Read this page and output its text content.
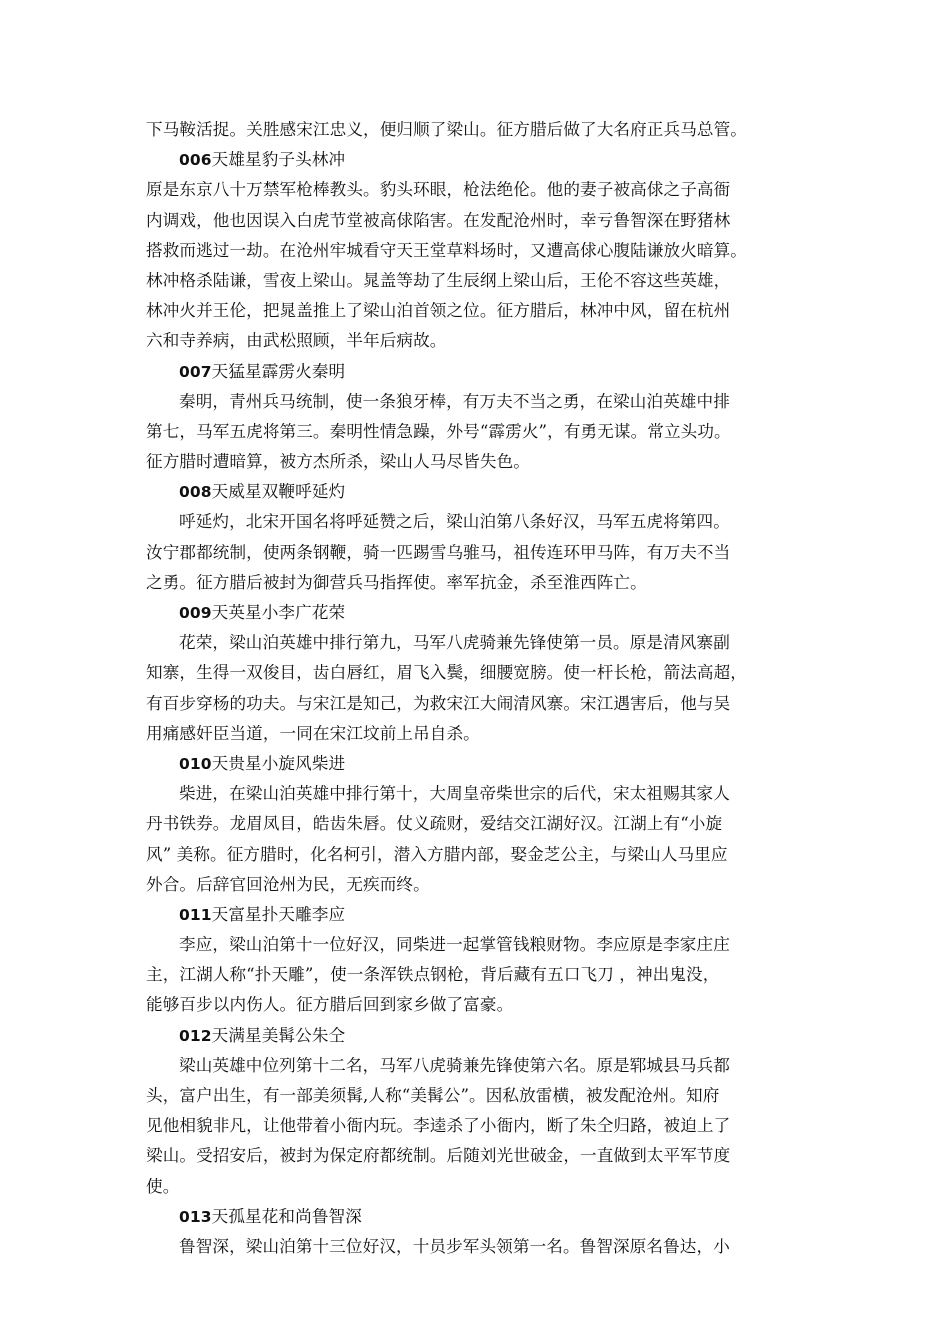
下马鞍活捉。关胜感宋江忠义，便归顺了梁山。征方腊后做了大名府正兵马总管。
006天雄星豹子头林冲
原是东京八十万禁军枪棒教头。豹头环眼，枪法绝伦。他的妻子被高俅之子高衙
内调戏，他也因误入白虎节堂被高俅陷害。在发配沧州时，幸亏鲁智深在野猪林
搭救而逃过一劫。在沧州牢城看守天王堂草料场时，又遭高俅心腹陆谦放火暗算。
林冲格杀陆谦，雪夜上梁山。晁盖等劫了生辰纲上梁山后，王伦不容这些英雄，
林冲火并王伦，把晁盖推上了梁山泊首领之位。征方腊后，林冲中风，留在杭州
六和寺养病，由武松照顾，半年后病故。
007天猛星霹雳火秦明
秦明，青州兵马统制，使一条狼牙棒，有万夫不当之勇，在梁山泊英雄中排
第七，马军五虎将第三。秦明性情急躁，外号“霹雳火”，有勇无谋。常立头功。
征方腊时遭暗算，被方杰所杀，梁山人马尽皆失色。
008天威星双鞭呼延灼
呼延灼，北宋开国名将呼延赞之后，梁山泊第八条好汉，马军五虎将第四。
汝宁郡都统制，使两条钢鞭，骑一匹踢雪乌骓马，祖传连环甲马阵，有万夫不当
之勇。征方腊后被封为御营兵马指挥使。率军抗金，杀至淮西阵亡。
009天英星小李广花荣
花荣，梁山泊英雄中排行第九，马军八虎骑兼先锋使第一员。原是清风寨副
知寨，生得一双俊目，齿白唇红，眉飞入鬓，细腰宽膀。使一杆长枪，箭法高超，
有百步穿杨的功夫。与宋江是知己，为救宋江大闹清风寨。宋江遇害后，他与吴
用痛感奸臣当道，一同在宋江坟前上吊自杀。
010天贵星小旋风柴进
柴进，在梁山泊英雄中排行第十，大周皇帝柴世宗的后代，宋太祖赐其家人
丹书铁券。龙眉凤目，皓齿朱唇。仗义疏财，爱结交江湖好汉。江湖上有“小旋
风” 美称。征方腊时，化名柯引，潜入方腊内部，娶金芝公主，与梁山人马里应
外合。后辞官回沧州为民，无疾而终。
011天富星扑天雕李应
李应，梁山泊第十一位好汉，同柴进一起掌管钱粮财物。李应原是李家庄庄
主，江湖人称“扑天雕”，使一条浑铁点钢枪，背后藏有五口飞刀 ，神出鬼没，
能够百步以内伤人。征方腊后回到家乡做了富豪。
012天满星美髯公朱仝
梁山英雄中位列第十二名，马军八虎骑兼先锋使第六名。原是郓城县马兵都
头，富户出生，有一部美须髯,人称“美髯公”。因私放雷横，被发配沧州。知府
见他相貌非凡，让他带着小衙内玩。李逵杀了小衙内，断了朱仝归路，被迫上了
梁山。受招安后，被封为保定府都统制。后随刘光世破金，一直做到太平军节度
使。
013天孤星花和尚鲁智深
鲁智深，梁山泊第十三位好汉，十员步军头领第一名。鲁智深原名鲁达，小
